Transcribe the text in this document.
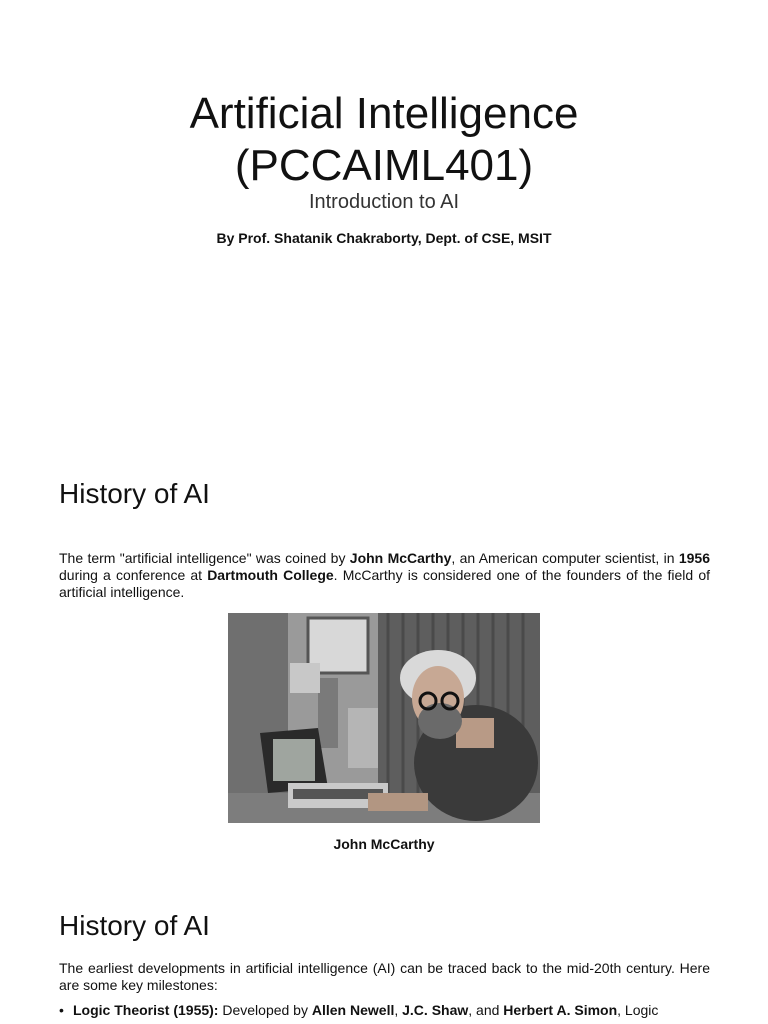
Artificial Intelligence
(PCCAIML401)
Introduction to AI
By Prof. Shatanik Chakraborty, Dept. of CSE, MSIT
History of AI
The term "artificial intelligence" was coined by John McCarthy, an American computer scientist, in 1956 during a conference at Dartmouth College. McCarthy is considered one of the founders of the field of artificial intelligence.
John McCarthy
History of AI
The earliest developments in artificial intelligence (AI) can be traced back to the mid-20th century. Here are some key milestones:
• Logic Theorist (1955): Developed by Allen Newell, J.C. Shaw, and Herbert A. Simon, Logic
